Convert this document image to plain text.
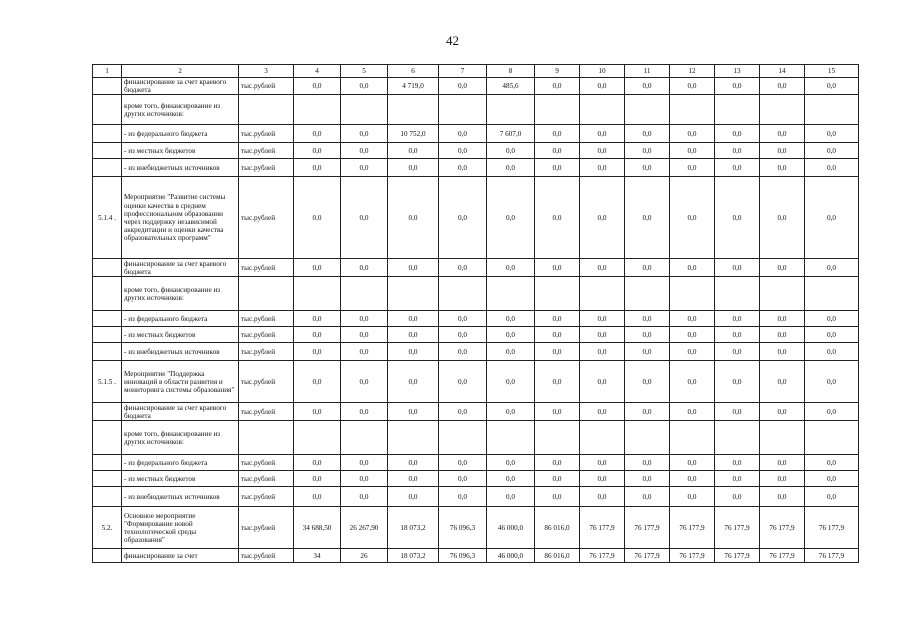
42
1	2	3	4	5	6	7	8	9	10	11	12	13	14	15
	финансирование за счет краевого бюджета	тыс.рублей	0,0	0,0	4 719,0	0,0	485,6	0,0	0,0	0,0	0,0	0,0	0,0	0,0
	кроме того, финансирование из других источников:													
	- из федерального бюджета	тыс.рублей	0,0	0,0	10 752,0	0,0	7 607,0	0,0	0,0	0,0	0,0	0,0	0,0	0,0
	- из местных бюджетов	тыс.рублей	0,0	0,0	0,0	0,0	0,0	0,0	0,0	0,0	0,0	0,0	0,0	0,0
	- из внебюджетных источников	тыс.рублей	0,0	0,0	0,0	0,0	0,0	0,0	0,0	0,0	0,0	0,0	0,0	0,0
5.1.4 .	Мероприятие "Развитие системы оценки качества в среднем профессиональном образовании через поддержку независимой аккредитации и оценки качества образовательных программ"	тыс.рублей	0,0	0,0	0,0	0,0	0,0	0,0	0,0	0,0	0,0	0,0	0,0	0,0
	финансирование за счет краевого бюджета	тыс.рублей	0,0	0,0	0,0	0,0	0,0	0,0	0,0	0,0	0,0	0,0	0,0	0,0
	кроме того, финансирование из других источников:													
	- из федерального бюджета	тыс.рублей	0,0	0,0	0,0	0,0	0,0	0,0	0,0	0,0	0,0	0,0	0,0	0,0
	- из местных бюджетов	тыс.рублей	0,0	0,0	0,0	0,0	0,0	0,0	0,0	0,0	0,0	0,0	0,0	0,0
	- из внебюджетных источников	тыс.рублей	0,0	0,0	0,0	0,0	0,0	0,0	0,0	0,0	0,0	0,0	0,0	0,0
5.1.5 .	Мероприятие "Поддержка инноваций в области развития и мониторинга системы образования"	тыс.рублей	0,0	0,0	0,0	0,0	0,0	0,0	0,0	0,0	0,0	0,0	0,0	0,0
	финансирование за счет краевого бюджета	тыс.рублей	0,0	0,0	0,0	0,0	0,0	0,0	0,0	0,0	0,0	0,0	0,0	0,0
	кроме того, финансирование из других источников:													
	- из федерального бюджета	тыс.рублей	0,0	0,0	0,0	0,0	0,0	0,0	0,0	0,0	0,0	0,0	0,0	0,0
	- из местных бюджетов	тыс.рублей	0,0	0,0	0,0	0,0	0,0	0,0	0,0	0,0	0,0	0,0	0,0	0,0
	- из внебюджетных источников	тыс.рублей	0,0	0,0	0,0	0,0	0,0	0,0	0,0	0,0	0,0	0,0	0,0	0,0
5.2.	Основное мероприятие "Формирование новой технологической среды образования"	тыс.рублей	34 688,50	26 267,90	18 073,2	76 096,3	46 000,0	86 016,0	76 177,9	76 177,9	76 177,9	76 177,9	76 177,9	76 177,9
	финансирование за счет	тыс.рублей	34	26	18 073,2	76 096,3	46 000,0	86 016,0	76 177,9	76 177,9	76 177,9	76 177,9	76 177,9	76 177,9
